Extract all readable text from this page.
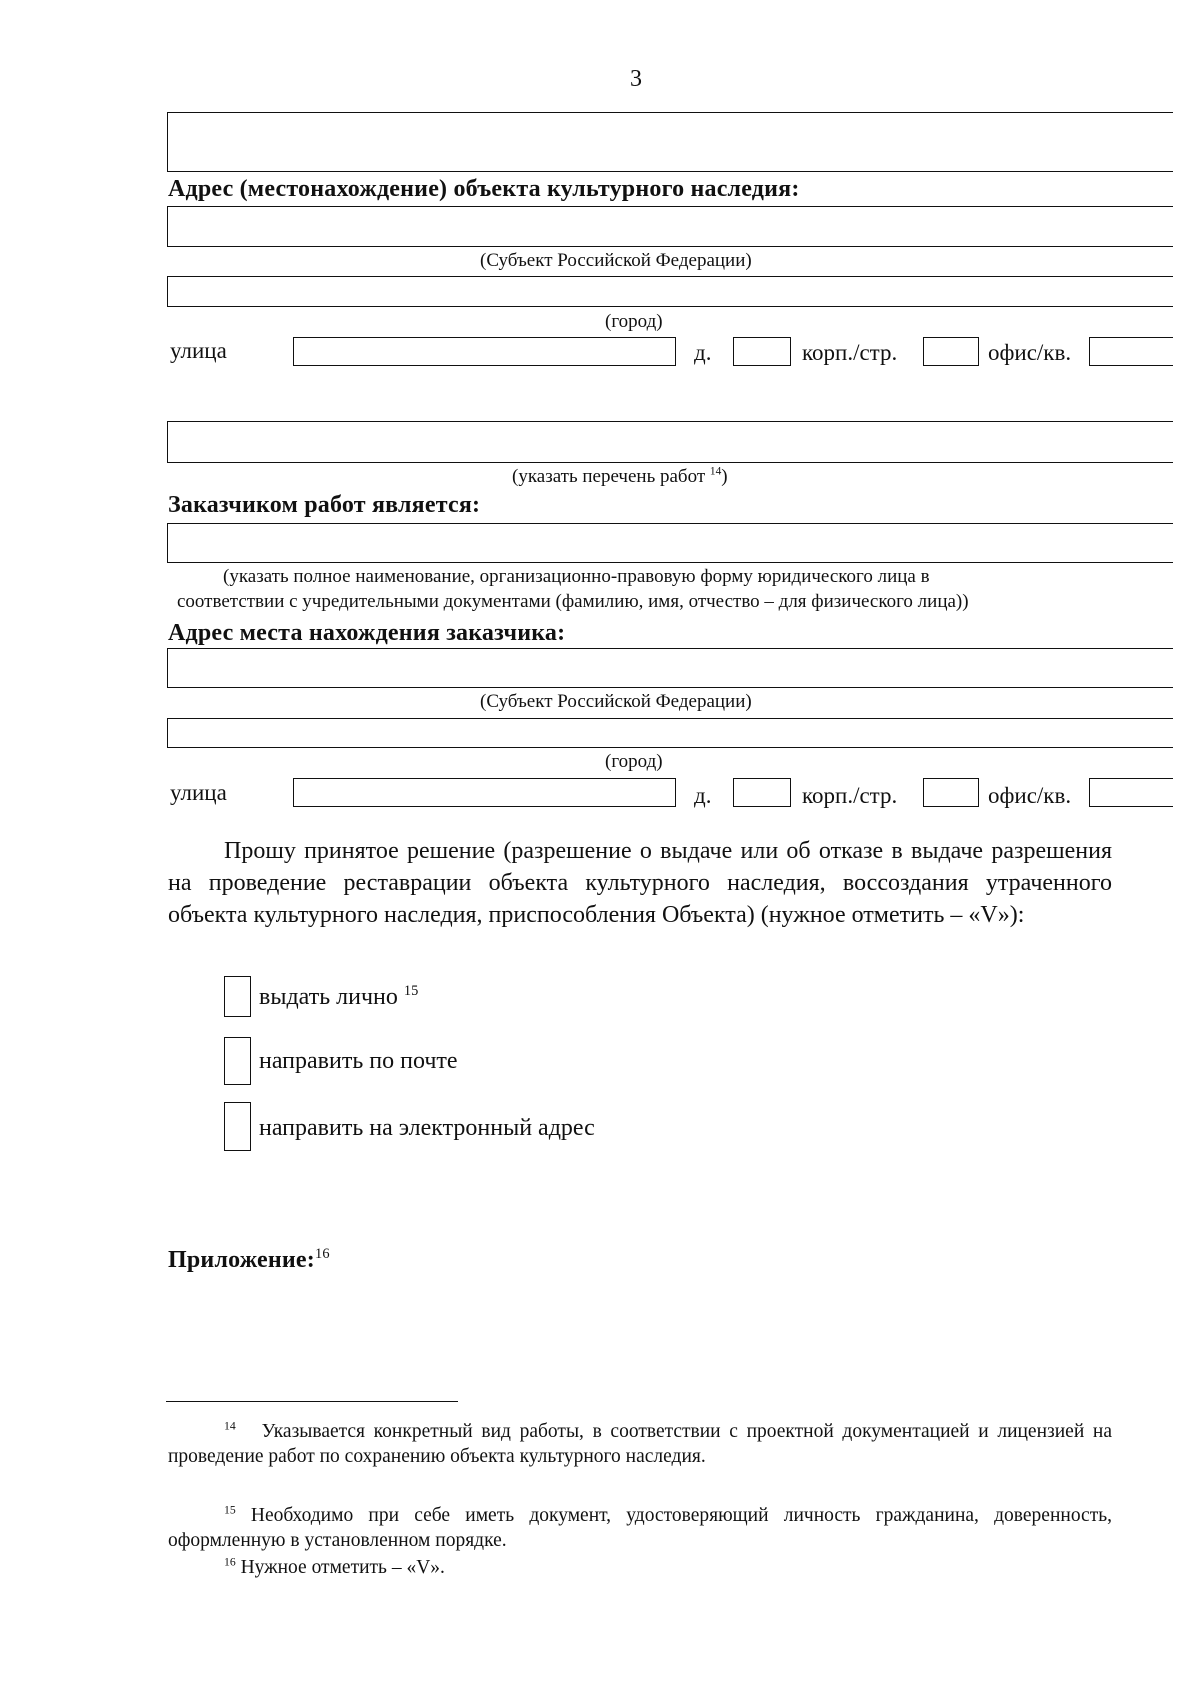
3
Адрес (местонахождение) объекта культурного наследия:
(Субъект Российской Федерации)
(город)
улица	д.	корп./стр.	офис/кв.
(указать перечень работ $^{14}$)
Заказчиком работ является:
(указать полное наименование, организационно-правовую форму юридического лица в
соответствии с учредительными документами (фамилию, имя, отчество – для физического лица))
Адрес места нахождения заказчика:
(Субъект Российской Федерации)
(город)
улица	д.	корп./стр.	офис/кв.
Прошу принятое решение (разрешение о выдаче или об отказе в выдаче разрешения на проведение реставрации объекта культурного наследия, воссоздания утраченного объекта культурного наследия, приспособления Объекта) (нужное отметить – «V»):
выдать лично $^{15}$
направить по почте
направить на электронный адрес
Приложение:$^{16}$
$^{14}$ Указывается конкретный вид работы, в соответствии с проектной документацией и лицензией на проведение работ по сохранению объекта культурного наследия.
$^{15}$ Необходимо при себе иметь документ, удостоверяющий личность гражданина, доверенность, оформленную в установленном порядке.
$^{16}$ Нужное отметить – «V».
